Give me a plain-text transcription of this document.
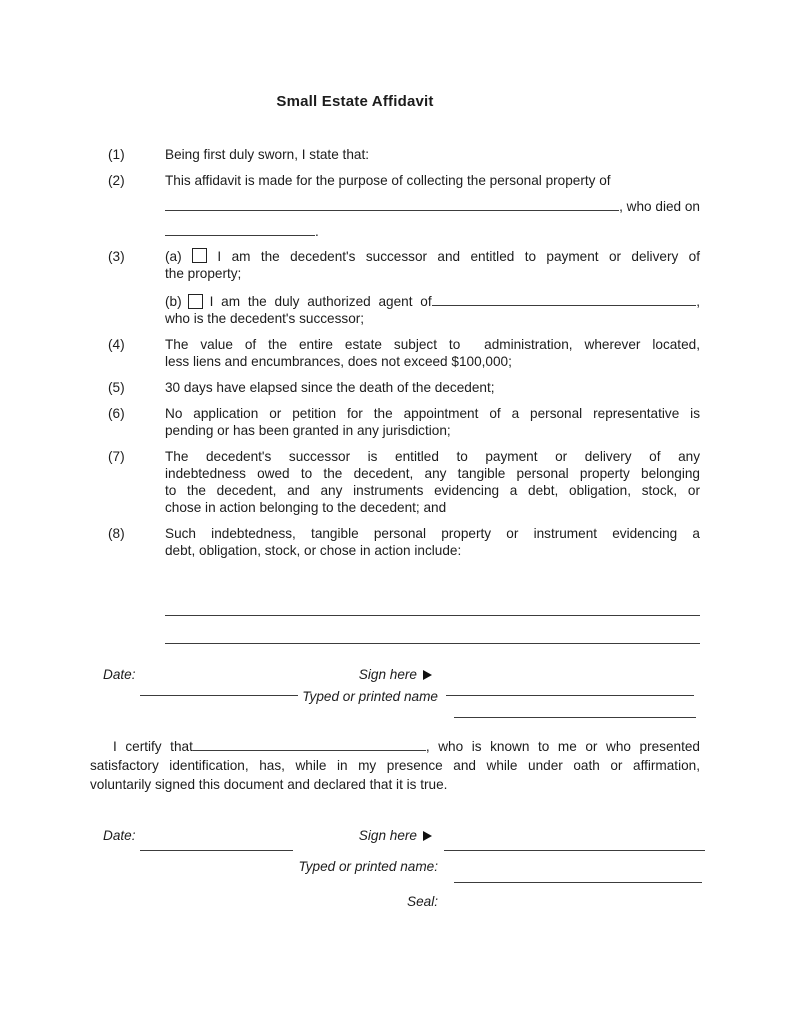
Small Estate Affidavit
(1)	Being first duly sworn, I state that:
(2)	This affidavit is made for the purpose of collecting the personal property of
, who died on
.
(3)	(a)	I am the decedent's successor and entitled to payment or delivery of
the property;
(b) I am the duly authorized agent of	,
who is the decedent's successor;
(4)	The value of the entire estate subject to  administration, wherever located,
less liens and encumbrances, does not exceed $100,000;
(5)	30 days have elapsed since the death of the decedent;
(6)	No application or petition for the appointment of a personal representative is
pending or has been granted in any jurisdiction;
(7)	The decedent's successor is entitled to payment or delivery of any
indebtedness owed to the decedent, any tangible personal property belonging
to the decedent, and any instruments evidencing a debt, obligation, stock, or
chose in action belonging to the decedent; and
(8)	Such indebtedness, tangible personal property or instrument evidencing a
debt, obligation, stock, or chose in action include:
Date:	Sign here
Typed or printed name
I certify that	, who is known to me or who presented
satisfactory identification, has, while in my presence and while under oath or affirmation,
voluntarily signed this document and declared that it is true.
Date:	Sign here
Typed or printed name:
Seal:
